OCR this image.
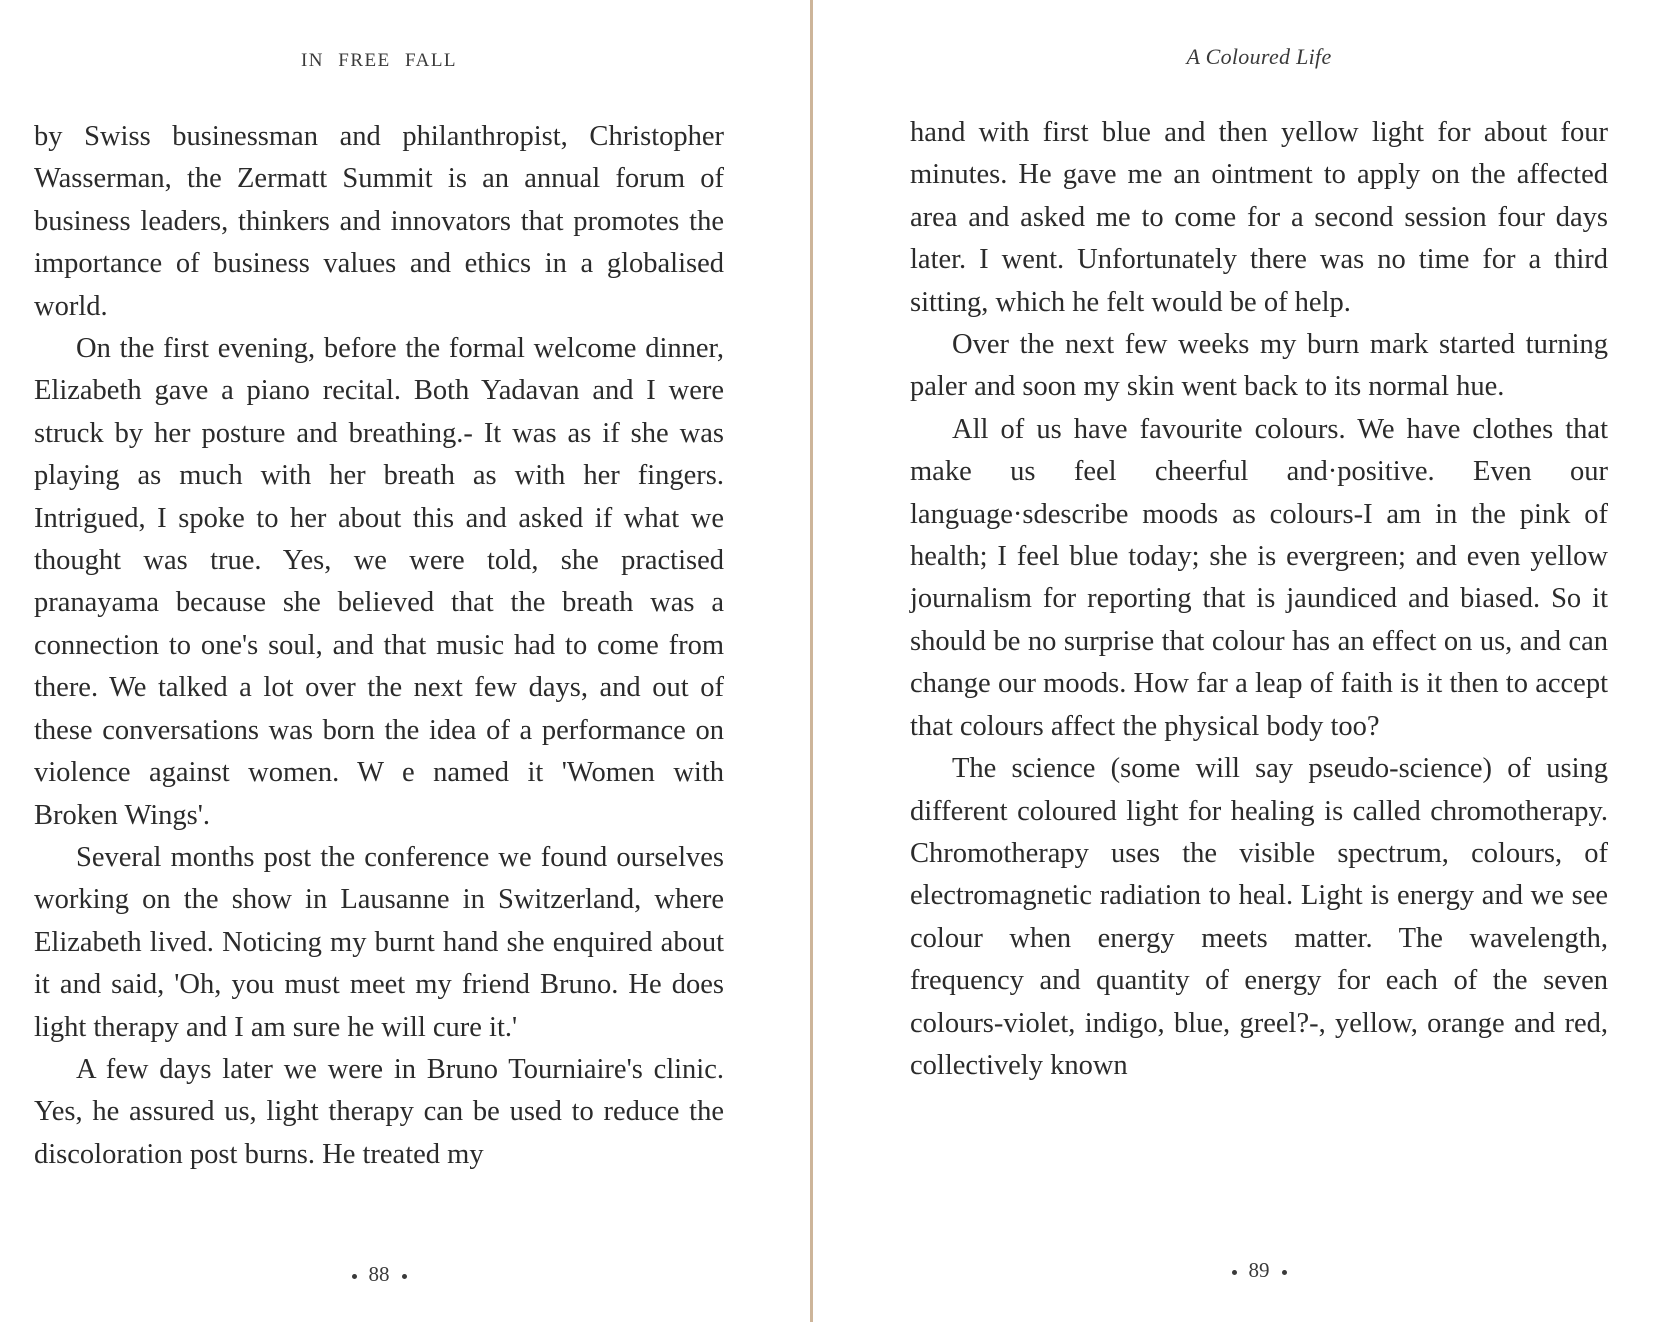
IN FREE FALL

by Swiss businessman and philanthropist, Christopher Wasserman, the Zermatt Summit is an annual forum of business leaders, thinkers and innovators that promotes the importance of business values and ethics in a globalised world.

On the first evening, before the formal welcome dinner, Elizabeth gave a piano recital. Both Yadavan and I were struck by her posture and breathing.- It was as if she was playing as much with her breath as with her fingers. Intrigued, I spoke to her about this and asked if what we thought was true. Yes, we were told, she practised pranayama because she believed that the breath was a connection to one's soul, and that music had to come from there. We talked a lot over the next few days, and out of these conversations was born the idea of a performance on violence against women. W e named it 'Women with Broken Wings'.

Several months post the conference we found ourselves working on the show in Lausanne in Switzerland, where Elizabeth lived. Noticing my burnt hand she enquired about it and said, 'Oh, you must meet my friend Bruno. He does light therapy and I am sure he will cure it.'

A few days later we were in Bruno Tourniaire's clinic. Yes, he assured us, light therapy can be used to reduce the discoloration post burns. He treated my

88
A Coloured Life

hand with first blue and then yellow light for about four minutes. He gave me an ointment to apply on the affected area and asked me to come for a second session four days later. I went. Unfortunately there was no time for a third sitting, which he felt would be of help.

Over the next few weeks my burn mark started turning paler and soon my skin went back to its normal hue.

All of us have favourite colours. We have clothes that make us feel cheerful and·positive. Even our language·sdescribe moods as colours-I am in the pink of health; I feel blue today; she is evergreen; and even yellow journalism for reporting that is jaundiced and biased. So it should be no surprise that colour has an effect on us, and can change our moods. How far a leap of faith is it then to accept that colours affect the physical body too?

The science (some will say pseudo-science) of using different coloured light for healing is called chromotherapy. Chromotherapy uses the visible spectrum, colours, of electromagnetic radiation to heal. Light is energy and we see colour when energy meets matter. The wavelength, frequency and quantity of energy for each of the seven colours-violet, indigo, blue, greel?-, yellow, orange and red, collectively known

89
